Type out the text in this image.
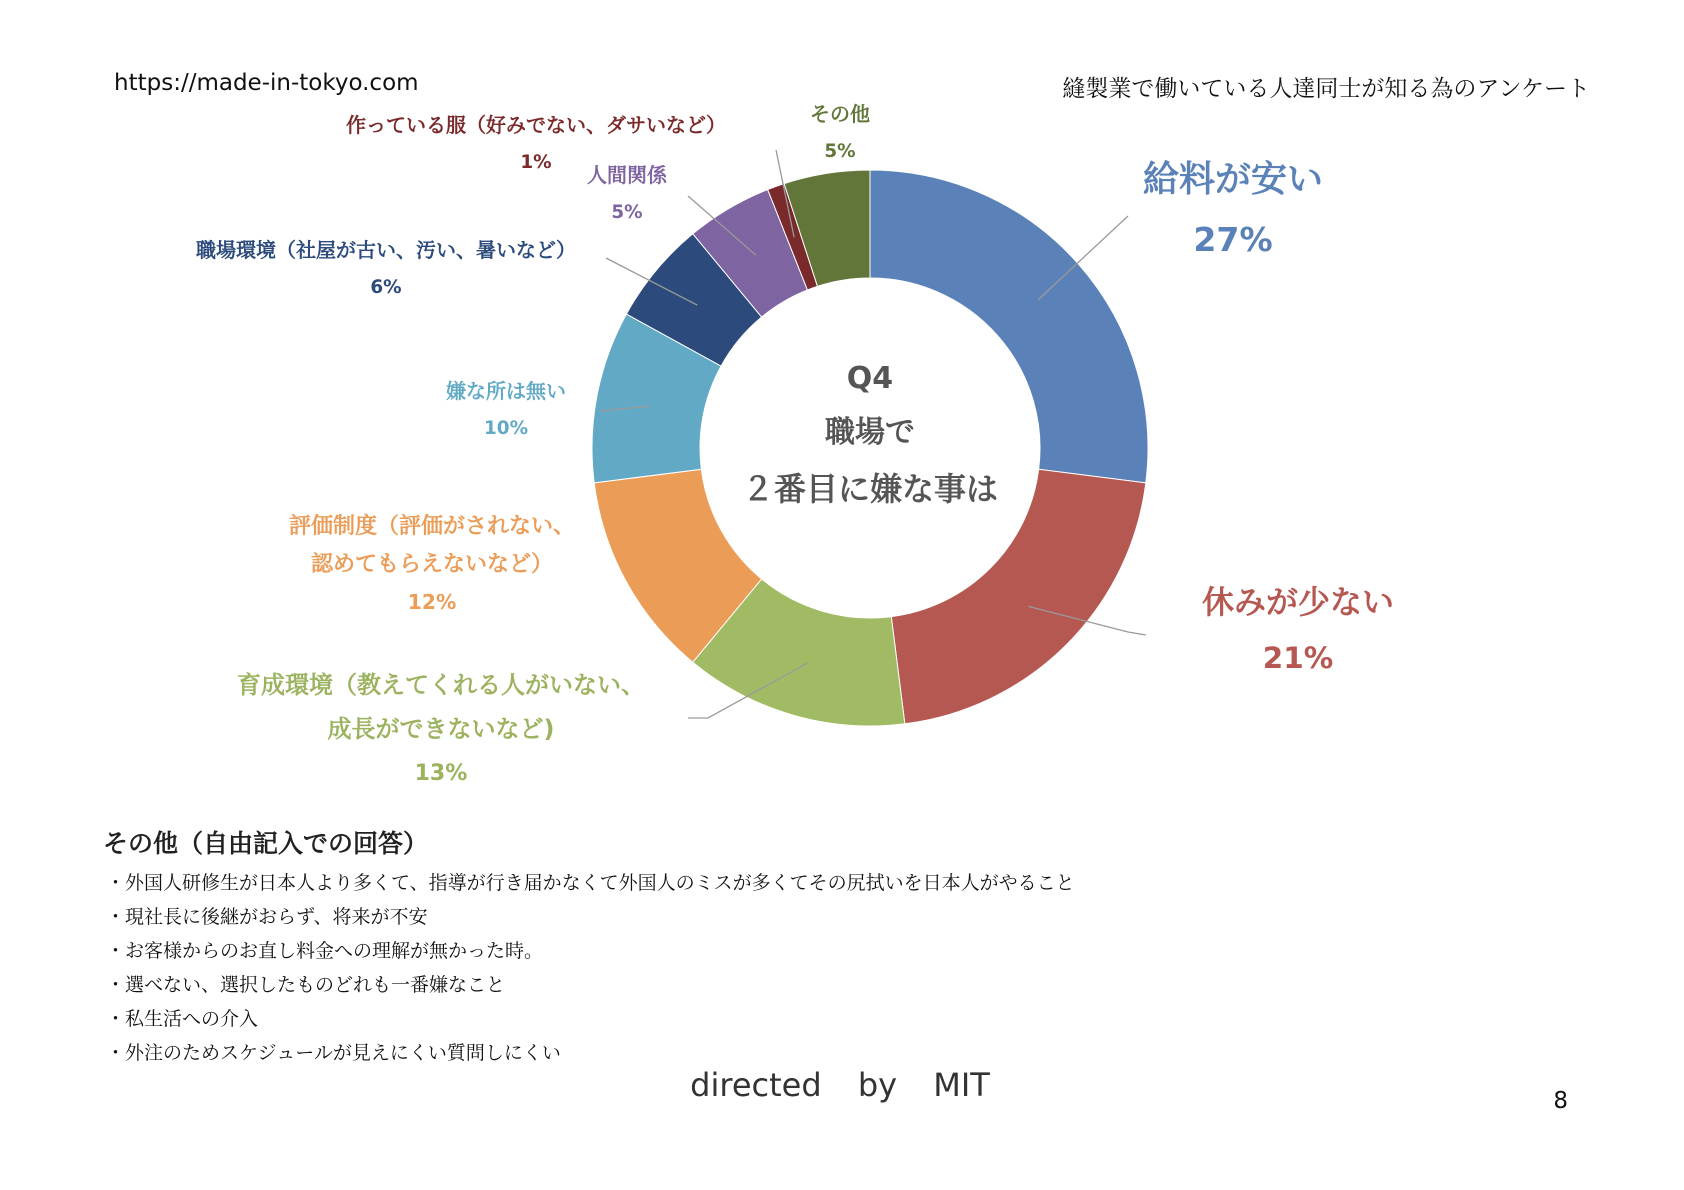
https://made-in-tokyo.com	縫製業で働いている人達同士が知る為のアンケート
給料が安い
27%
休みが少ない
21%
育成環境（教えてくれる人がいない、成長ができないなど)
13%
評価制度（評価がされない、認めてもらえないなど）
12%
嫌な所は無い
10%
職場環境（社屋が古い、汚い、暑いなど）
6%
人間関係
5%
作っている服（好みでない、ダサいなど）
1%
その他
5%
Q4
職場で
２番目に嫌な事は
その他（自由記入での回答）
・ 外国人研修生が日本人より多くて、指導が行き届かなくて外国人のミスが多くてその尻拭いを日本人がやること
・ 現社長に後継がおらず、将来が不安
・ お客様からのお直し料金への理解が無かった時。
・ 選べない、選択したものどれも一番嫌なこと
・ 私生活への介入
・ 外注のためスケジュールが見えにくい質問しにくい
directed by MIT	8
